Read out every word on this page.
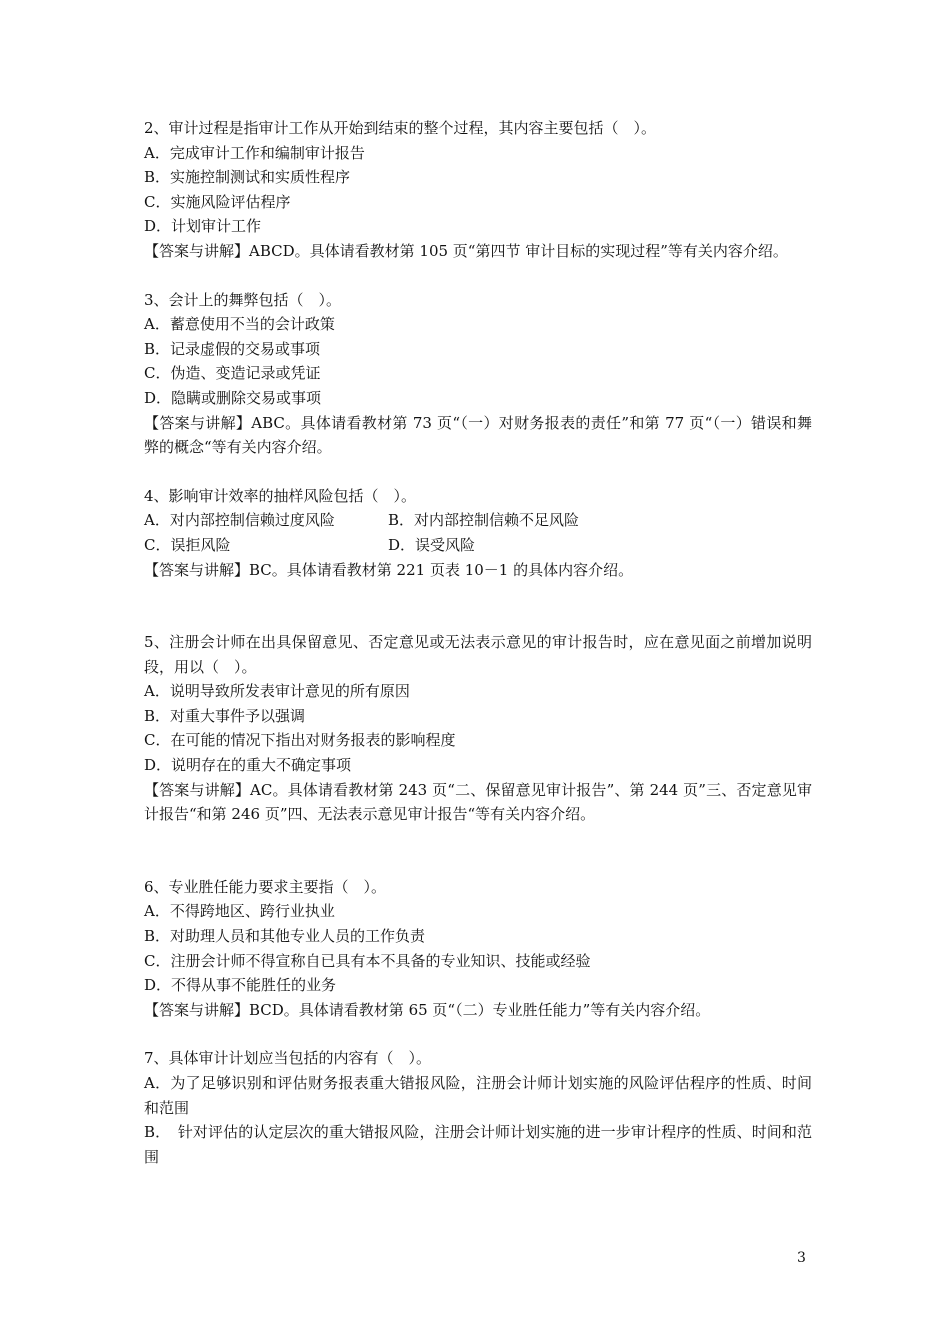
2、审计过程是指审计工作从开始到结束的整个过程，其内容主要包括（　）。

A．完成审计工作和编制审计报告

B．实施控制测试和实质性程序

C．实施风险评估程序

D．计划审计工作

【答案与讲解】ABCD。具体请看教材第 105 页“第四节 审计目标的实现过程”等有关内容介绍。

3、会计上的舞弊包括（　）。

A．蓄意使用不当的会计政策

B．记录虚假的交易或事项

C．伪造、变造记录或凭证

D．隐瞒或删除交易或事项

【答案与讲解】ABC。具体请看教材第 73 页“（一）对财务报表的责任”和第 77 页“（一）错误和舞弊的概念“等有关内容介绍。

4、影响审计效率的抽样风险包括（　）。

A．对内部控制信赖过度风险	B．对内部控制信赖不足风险
C．误拒风险	D．误受风险

【答案与讲解】BC。具体请看教材第 221 页表 10－1 的具体内容介绍。

5、注册会计师在出具保留意见、否定意见或无法表示意见的审计报告时，应在意见面之前增加说明段，用以（　）。

A．说明导致所发表审计意见的所有原因

B．对重大事件予以强调

C．在可能的情况下指出对财务报表的影响程度

D．说明存在的重大不确定事项

【答案与讲解】AC。具体请看教材第 243 页“二、保留意见审计报告”、第 244 页”三、否定意见审计报告“和第 246 页”四、无法表示意见审计报告“等有关内容介绍。

6、专业胜任能力要求主要指（　）。

A．不得跨地区、跨行业执业

B．对助理人员和其他专业人员的工作负责

C．注册会计师不得宣称自已具有本不具备的专业知识、技能或经验

D．不得从事不能胜任的业务

【答案与讲解】BCD。具体请看教材第 65 页“（二）专业胜任能力”等有关内容介绍。

7、具体审计计划应当包括的内容有（　）。

A．为了足够识别和评估财务报表重大错报风险，注册会计师计划实施的风险评估程序的性质、时间和范围

B．　针对评估的认定层次的重大错报风险，注册会计师计划实施的进一步审计程序的性质、时间和范围

3
